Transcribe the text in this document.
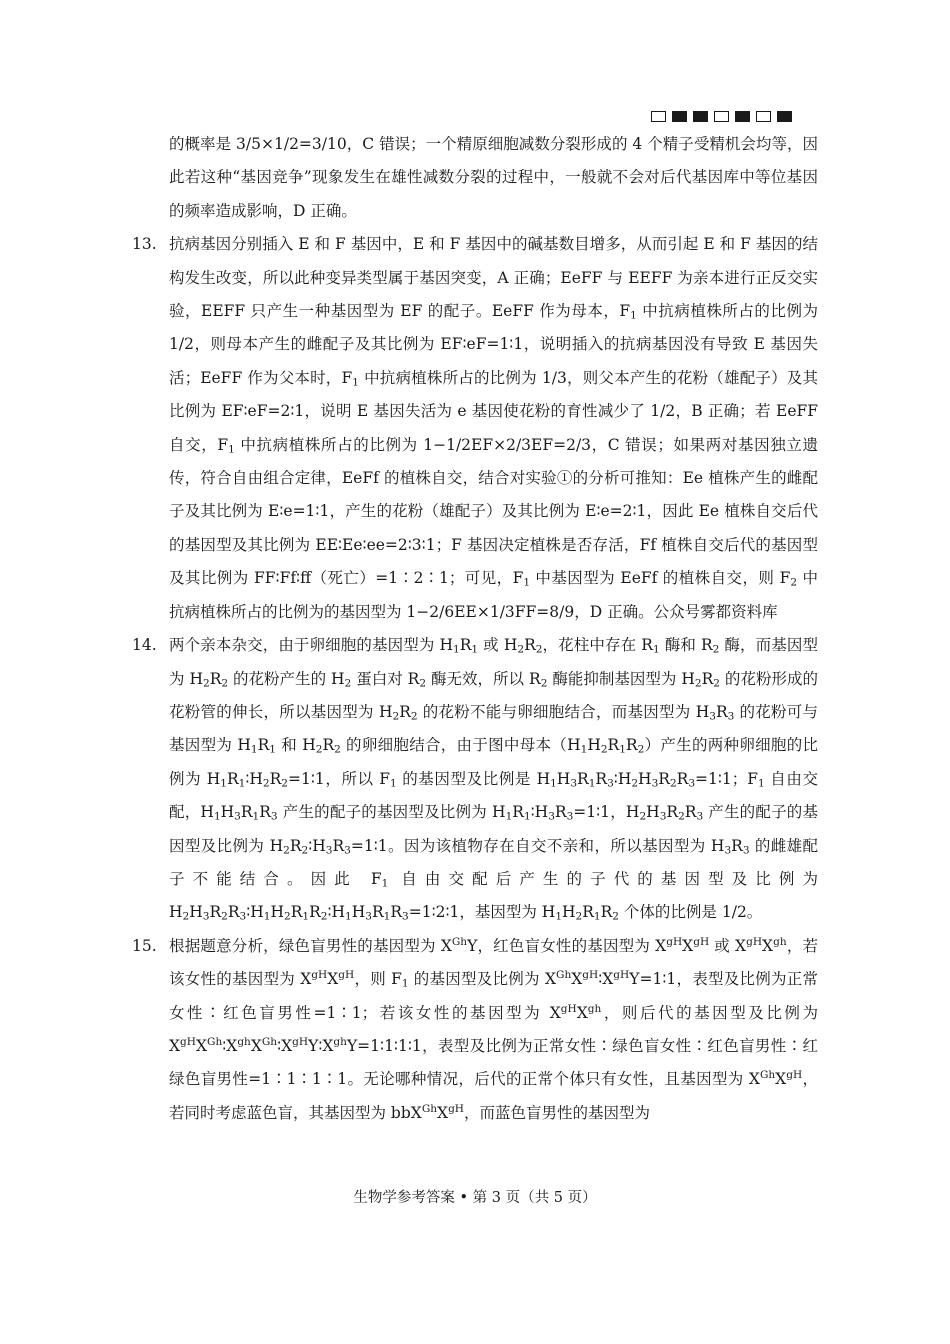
的概率是 3/5×1/2=3/10，C 错误；一个精原细胞减数分裂形成的 4 个精子受精机会均等，因此若这种“基因竞争”现象发生在雄性减数分裂的过程中，一般就不会对后代基因库中等位基因的频率造成影响，D 正确。

13. 抗病基因分别插入 E 和 F 基因中，E 和 F 基因中的碱基数目增多，从而引起 E 和 F 基因的结构发生改变，所以此种变异类型属于基因突变，A 正确；EeFF 与 EEFF 为亲本进行正反交实验，EEFF 只产生一种基因型为 EF 的配子。EeFF 作为母本，$F_1$ 中抗病植株所占的比例为 1/2，则母本产生的雌配子及其比例为 EF∶eF=1∶1，说明插入的抗病基因没有导致 E 基因失活；EeFF 作为父本时，$F_1$ 中抗病植株所占的比例为 1/3，则父本产生的花粉（雄配子）及其比例为 EF∶eF=2∶1，说明 E 基因失活为 e 基因使花粉的育性减少了 1/2，B 正确；若 EeFF 自交，$F_1$ 中抗病植株所占的比例为 1−1/2EF×2/3EF=2/3，C 错误；如果两对基因独立遗传，符合自由组合定律，EeFf 的植株自交，结合对实验①的分析可推知：Ee 植株产生的雌配子及其比例为 E∶e=1∶1，产生的花粉（雄配子）及其比例为 E∶e=2∶1，因此 Ee 植株自交后代的基因型及其比例为 EE∶Ee∶ee=2∶3∶1；F 基因决定植株是否存活，Ff 植株自交后代的基因型及其比例为 FF∶Ff∶ff（死亡）=1∶2∶1；可见，$F_1$ 中基因型为 EeFf 的植株自交，则 $F_2$ 中抗病植株所占的比例为的基因型为 1−2/6EE×1/3FF=8/9，D 正确。公众号雾都资料库
14. 两个亲本杂交，由于卵细胞的基因型为 $H_1R_1$ 或 $H_2R_2$，花柱中存在 $R_1$ 酶和 $R_2$ 酶，而基因型为 $H_2R_2$ 的花粉产生的 $H_2$ 蛋白对 $R_2$ 酶无效，所以 $R_2$ 酶能抑制基因型为 $H_2R_2$ 的花粉形成的花粉管的伸长，所以基因型为 $H_2R_2$ 的花粉不能与卵细胞结合，而基因型为 $H_3R_3$ 的花粉可与基因型为 $H_1R_1$ 和 $H_2R_2$ 的卵细胞结合，由于图中母本$(H_1H_2R_1R_2)$产生的两种卵细胞的比例为 $H_1R_1∶H_2R_2=1∶1$，所以 $F_1$ 的基因型及比例是 $H_1H_3R_1R_3∶H_2H_3R_2R_3=1∶1$；$F_1$ 自由交配，$H_1H_3R_1R_3$ 产生的配子的基因型及比例为 $H_1R_1∶H_3R_3=1∶1$，$H_2H_3R_2R_3$ 产生的配子的基因型及比例为 $H_2R_2∶H_3R_3=1∶1$。因为该植物存在自交不亲和，所以基因型为 $H_3R_3$ 的雌雄配子不能结合。因此 $F_1$ 自由交配后产生的子代的基因型及比例为 $H_2H_3R_2R_3∶H_1H_2R_1R_2∶H_1H_3R_1R_3=1∶2∶1$，基因型为 $H_1H_2R_1R_2$ 个体的比例是 1/2。
15. 根据题意分析，绿色盲男性的基因型为 $X^{Gh}Y$，红色盲女性的基因型为 $X^{gH}X^{gH}$ 或 $X^{gH}X^{gh}$，若该女性的基因型为 $X^{gH}X^{gH}$，则 $F_1$ 的基因型及比例为 $X^{Gh}X^{gH}∶X^{gH}Y=1∶1$，表型及比例为正常女性∶红色盲男性=1∶1；若该女性的基因型为 $X^{gH}X^{gh}$，则后代的基因型及比例为 $X^{gH}X^{Gh}∶X^{gh}X^{Gh}∶X^{gH}Y∶X^{gh}Y=1∶1∶1∶1$，表型及比例为正常女性∶绿色盲女性∶红色盲男性∶红绿色盲男性=1∶1∶1∶1。无论哪种情况，后代的正常个体只有女性，且基因型为 $X^{Gh}X^{gH}$，若同时考虑蓝色盲，其基因型为 $bbX^{Gh}X^{gH}$，而蓝色盲男性的基因型为
生物学参考答案 • 第 3 页（共 5 页）
